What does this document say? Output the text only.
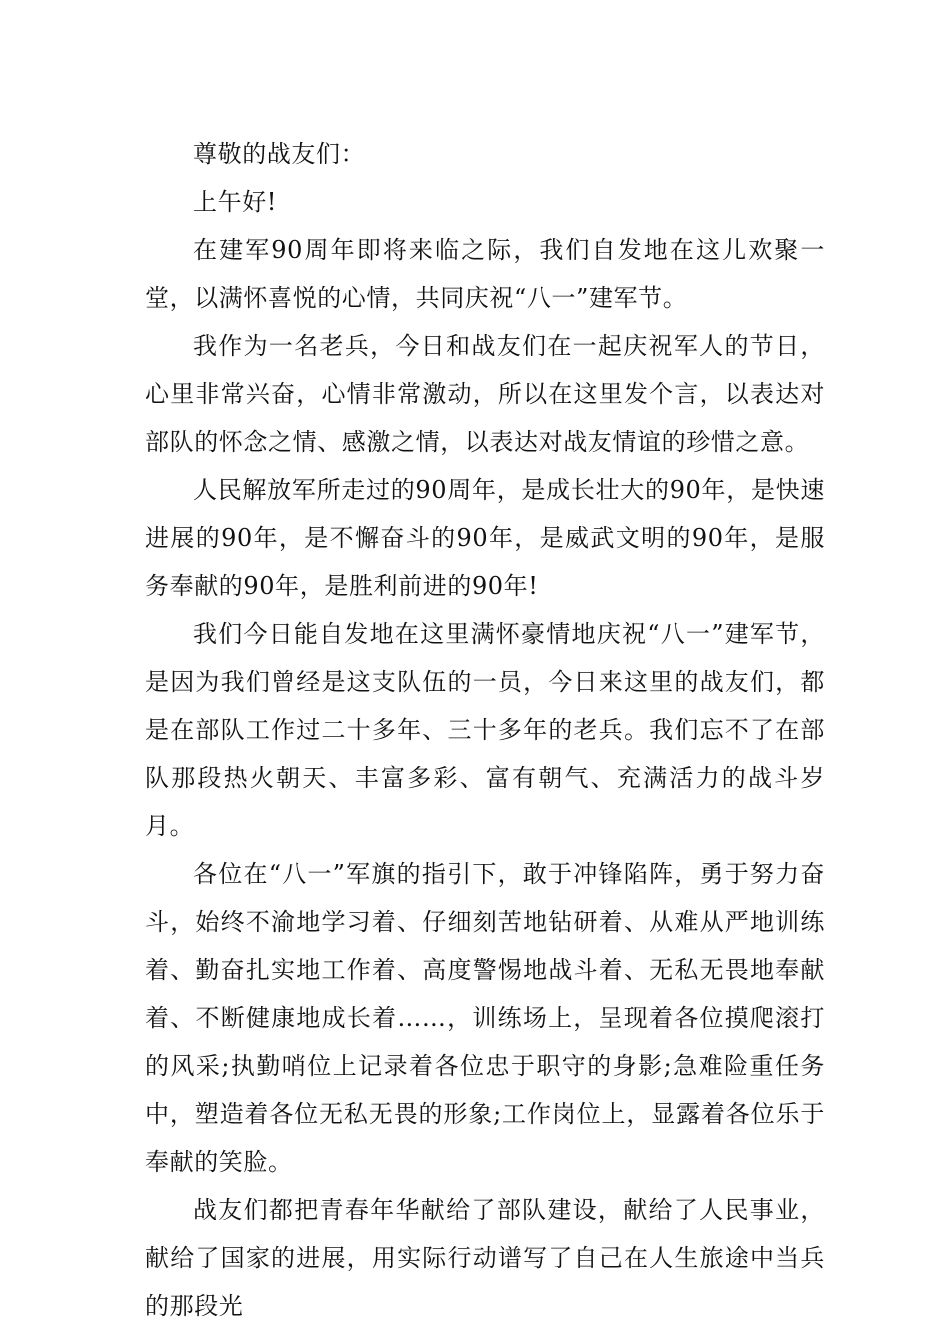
尊敬的战友们：

上午好!

在建军90周年即将来临之际，我们自发地在这儿欢聚一堂，以满怀喜悦的心情，共同庆祝“八一”建军节。

我作为一名老兵，今日和战友们在一起庆祝军人的节日，心里非常兴奋，心情非常激动，所以在这里发个言，以表达对部队的怀念之情、感激之情，以表达对战友情谊的珍惜之意。

人民解放军所走过的90周年，是成长壮大的90年，是快速进展的90年，是不懈奋斗的90年，是威武文明的90年，是服务奉献的90年，是胜利前进的90年!

我们今日能自发地在这里满怀豪情地庆祝“八一”建军节，是因为我们曾经是这支队伍的一员，今日来这里的战友们，都是在部队工作过二十多年、三十多年的老兵。我们忘不了在部队那段热火朝天、丰富多彩、富有朝气、充满活力的战斗岁月。

各位在“八一”军旗的指引下，敢于冲锋陷阵，勇于努力奋斗，始终不渝地学习着、仔细刻苦地钻研着、从难从严地训练着、勤奋扎实地工作着、高度警惕地战斗着、无私无畏地奉献着、不断健康地成长着……，训练场上，呈现着各位摸爬滚打的风采;执勤哨位上记录着各位忠于职守的身影;急难险重任务中，塑造着各位无私无畏的形象;工作岗位上，显露着各位乐于奉献的笑脸。

战友们都把青春年华献给了部队建设，献给了人民事业，献给了国家的进展，用实际行动谱写了自己在人生旅途中当兵的那段光
